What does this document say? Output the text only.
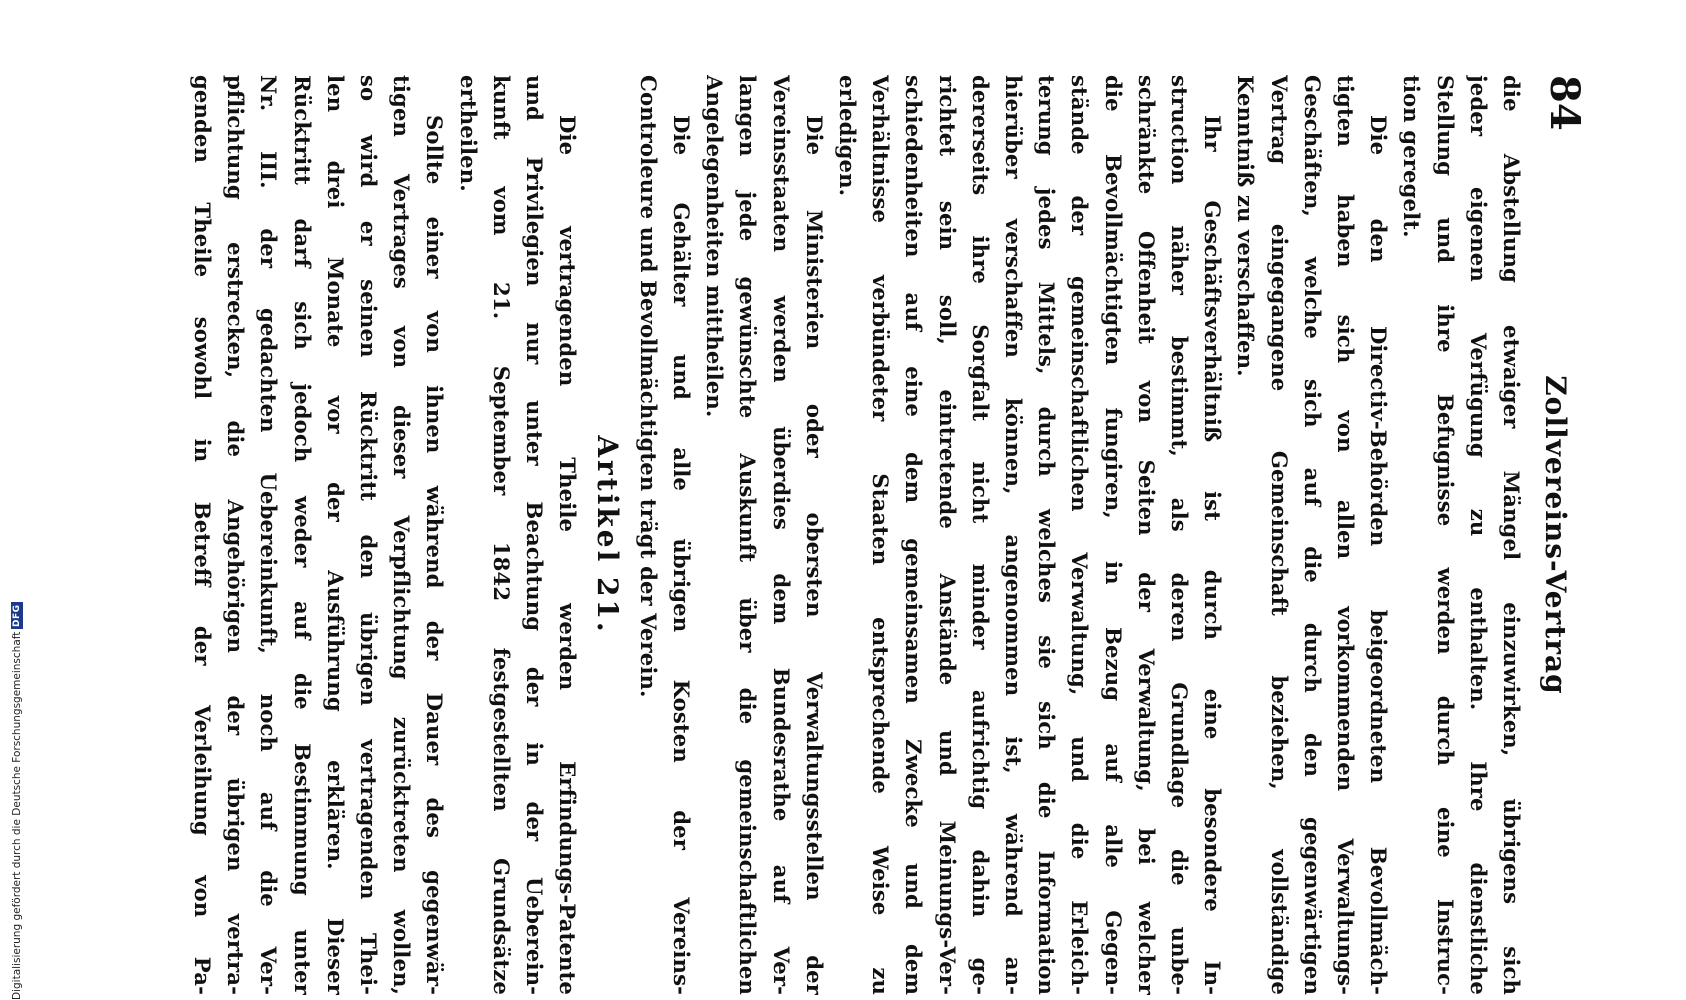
84
Zollvereins-Vertrag
die Abstellung etwaiger Mängel einzuwirken, übrigens sich
jeder eigenen Verfügung zu enthalten. Ihre dienstliche
Stellung und ihre Befugnisse werden durch eine Instruc-
tion geregelt.
Die den Directiv-Behörden beigeordneten Bevollmäch-
tigten haben sich von allen vorkommenden Verwaltungs-
Geschäften, welche sich auf die durch den gegenwärtigen
Vertrag eingegangene Gemeinschaft beziehen, vollständige
Kenntniß zu verschaffen.
Ihr Geschäftsverhältniß ist durch eine besondere In-
struction näher bestimmt, als deren Grundlage die unbe-
schränkte Offenheit von Seiten der Verwaltung, bei welcher
die Bevollmächtigten fungiren, in Bezug auf alle Gegen-
stände der gemeinschaftlichen Verwaltung, und die Erleich-
terung jedes Mittels, durch welches sie sich die Information
hierüber verschaffen können, angenommen ist, während an-
dererseits ihre Sorgfalt nicht minder aufrichtig dahin ge-
richtet sein soll, eintretende Anstände und Meinungs-Ver-
schiedenheiten auf eine dem gemeinsamen Zwecke und dem
Verhältnisse verbündeter Staaten entsprechende Weise zu
erledigen.
Die Ministerien oder obersten Verwaltungsstellen der
Vereinsstaaten werden überdies dem Bundesrathe auf Ver-
langen jede gewünschte Auskunft über die gemeinschaftlichen
Angelegenheiten mittheilen.
Die Gehälter und alle übrigen Kosten der Vereins-
Controleure und Bevollmächtigten trägt der Verein.
Artikel 21.
Die vertragenden Theile werden Erfindungs-Patente
und Privilegien nur unter Beachtung der in der Ueberein-
kunft vom 21. September 1842 festgestellten Grundsätze
ertheilen.
Sollte einer von ihnen während der Dauer des gegenwär-
tigen Vertrages von dieser Verpflichtung zurücktreten wollen,
so wird er seinen Rücktritt den übrigen vertragenden Thei-
len drei Monate vor der Ausführung erklären. Dieser
Rücktritt darf sich jedoch weder auf die Bestimmung unter
Nr. III. der gedachten Uebereinkunft, noch auf die Ver-
pflichtung erstrecken, die Angehörigen der übrigen vertra-
genden Theile sowohl in Betreff der Verleihung von Pa-
Digitalisierung gefördert durch die Deutsche Forschungsgemeinschaft
DFG
